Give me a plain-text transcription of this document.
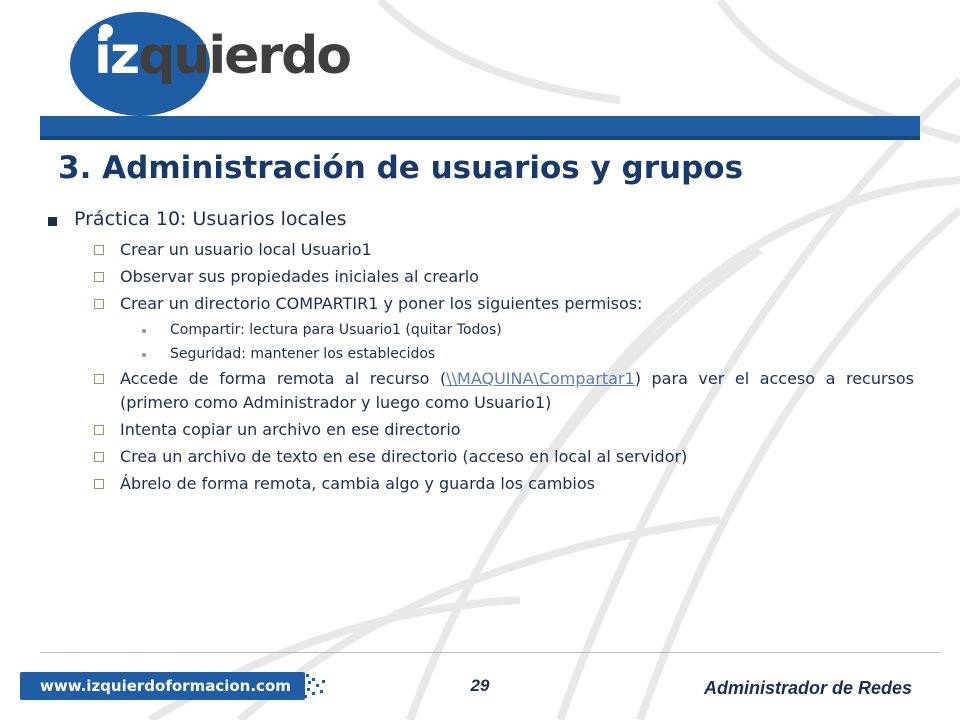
izquierdo
3. Administración de usuarios y grupos
Práctica 10: Usuarios locales
Crear un usuario local Usuario1
Observar sus propiedades iniciales al crearlo
Crear un directorio COMPARTIR1 y poner los siguientes permisos:
Compartir: lectura para Usuario1 (quitar Todos)
Seguridad: mantener los establecidos
Accede de forma remota al recurso (\\MAQUINA\Compartar1) para ver el acceso a recursos (primero como Administrador y luego como Usuario1)
Intenta copiar un archivo en ese directorio
Crea un archivo de texto en ese directorio (acceso en local al servidor)
Ábrelo de forma remota, cambia algo y guarda los cambios
www.izquierdoformacion.com	29	Administrador de Redes
